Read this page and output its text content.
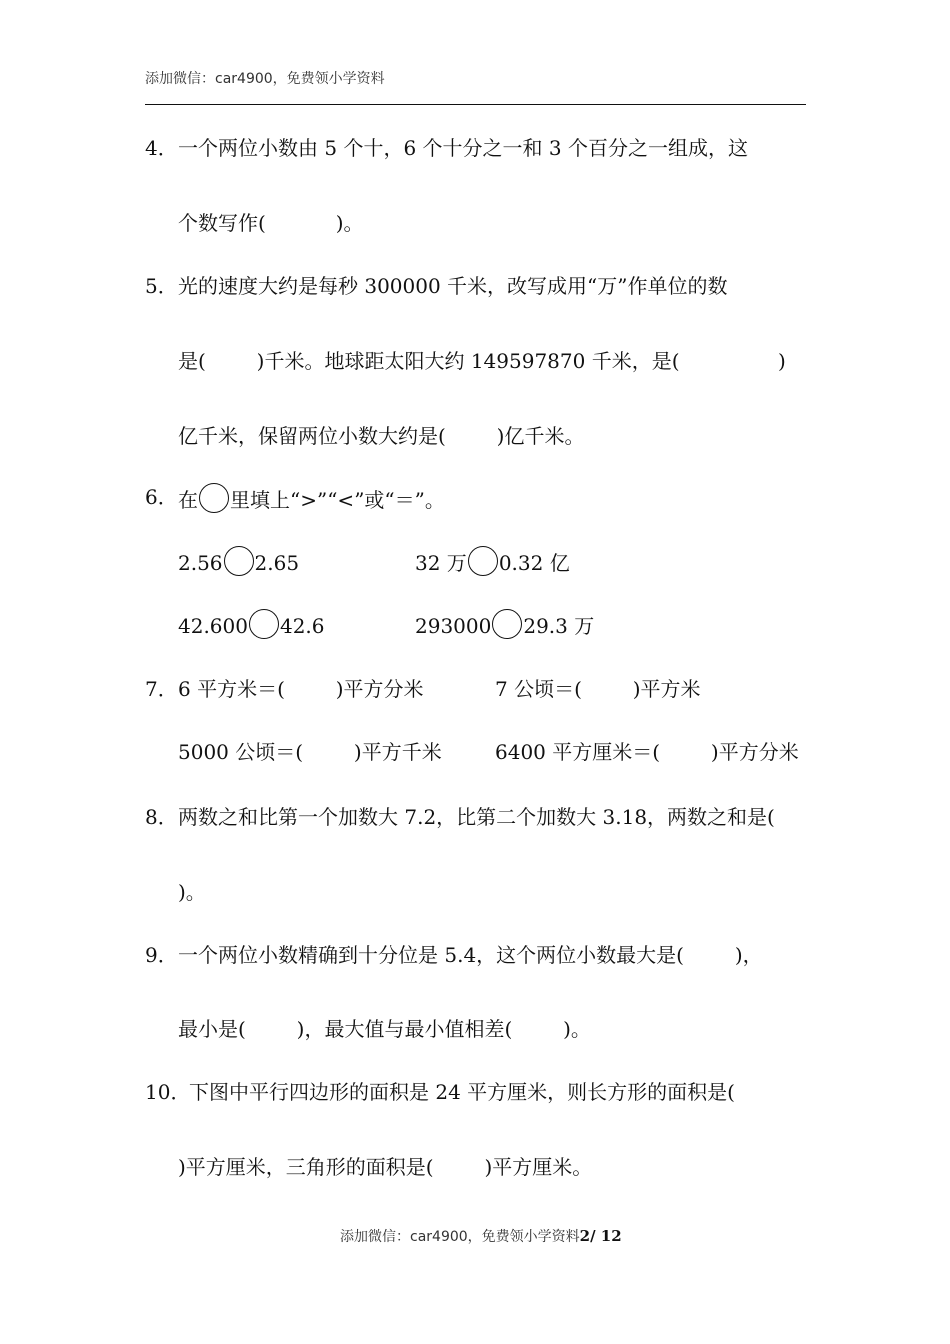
添加微信：car4900，免费领小学资料
4． 一个两位小数由 5 个十，6 个十分之一和 3 个百分之一组成，这
个数写作(           )。
5． 光的速度大约是每秒 300000 千米，改写成用“万”作单位的数
是(        )千米。地球距太阳大约 149597870 千米，是(	)
亿千米，保留两位小数大约是(        )亿千米。
6． 在 里填上“>”“<”或“＝”。
2.56 2.65	32 万 0.32 亿
42.600 42.6	293000 29.3 万
7． 6 平方米＝(        )平方分米	7 公顷＝(        )平方米
5000 公顷＝(        )平方千米	6400 平方厘米＝(        )平方分米
8． 两数之和比第一个加数大 7.2，比第二个加数大 3.18，两数之和是(
)。
9． 一个两位小数精确到十分位是 5.4，这个两位小数最大是(        )，
最小是(        )，最大值与最小值相差(        )。
10．
下图中平行四边形的面积是 24 平方厘米，则长方形的面积是(
)平方厘米，三角形的面积是(        )平方厘米。
添加微信：car4900，免费领小学资料2/ 12
